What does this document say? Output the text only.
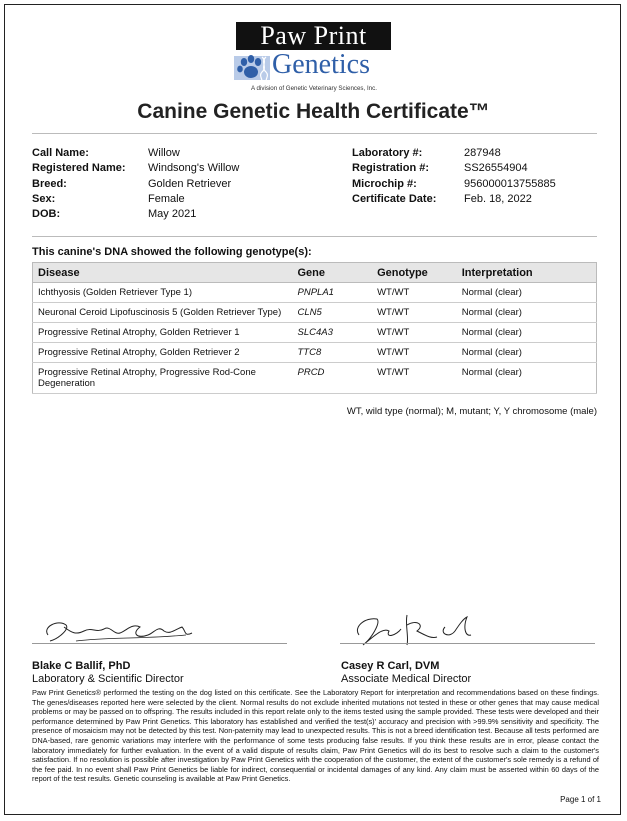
Paw Print
Genetics
A division of Genetic Veterinary Sciences, Inc.
Canine Genetic Health Certificate™
Call Name:	Willow
Registered Name: Windsong's Willow
Breed:	Golden Retriever
Sex:	Female
DOB:	May 2021
Laboratory #:	287948
Registration #:	SS26554904
Microchip #:	956000013755885
Certificate Date:	Feb. 18, 2022
This canine's DNA showed the following genotype(s):
Disease	Gene	Genotype	Interpretation
Ichthyosis (Golden Retriever Type 1)	PNPLA1	WT/WT	Normal (clear)
Neuronal Ceroid Lipofuscinosis 5 (Golden Retriever Type)	CLN5	WT/WT	Normal (clear)
Progressive Retinal Atrophy, Golden Retriever 1	SLC4A3	WT/WT	Normal (clear)
Progressive Retinal Atrophy, Golden Retriever 2	TTC8	WT/WT	Normal (clear)
Progressive Retinal Atrophy, Progressive Rod-Cone Degeneration	PRCD	WT/WT	Normal (clear)
WT, wild type (normal); M, mutant; Y, Y chromosome (male)
Blake C Ballif, PhD
Laboratory & Scientific Director
Casey R Carl, DVM
Associate Medical Director
Paw Print Genetics® performed the testing on the dog listed on this certificate. See the Laboratory Report for interpretation and recommendations based on these findings. The genes/diseases reported here were selected by the client. Normal results do not exclude inherited mutations not tested in these or other genes that may cause medical problems or may be passed on to offspring. The results included in this report relate only to the items tested using the sample provided. These tests were developed and their performance determined by Paw Print Genetics. This laboratory has established and verified the test(s)' accuracy and precision with >99.9% sensitivity and specificity. The presence of mosaicism may not be detected by this test. Non-paternity may lead to unexpected results. This is not a breed identification test. Because all tests performed are DNA-based, rare genomic variations may interfere with the performance of some tests producing false results. If you think these results are in error, please contact the laboratory immediately for further evaluation. In the event of a valid dispute of results claim, Paw Print Genetics will do its best to resolve such a claim to the customer's satisfaction. If no resolution is possible after investigation by Paw Print Genetics with the cooperation of the customer, the extent of the customer's sole remedy is a refund of the fee paid. In no event shall Paw Print Genetics be liable for indirect, consequential or incidental damages of any kind. Any claim must be asserted within 60 days of the report of the test results. Genetic counseling is available at Paw Print Genetics.
Page 1 of 1
